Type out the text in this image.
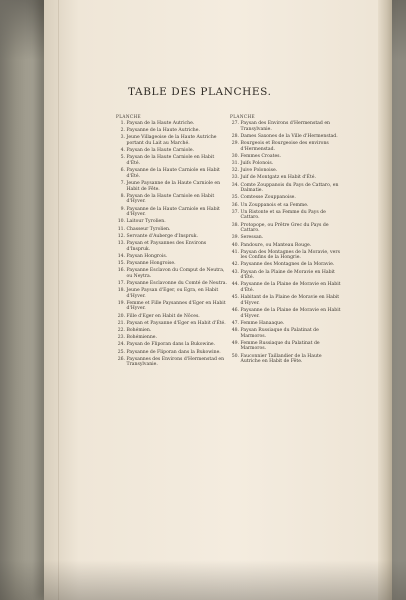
TABLE DES PLANCHES.
PLANCHE
1. Paysan de la Haute Autriche.
2. Paysanne de la Haute Autriche.
3. Jeune Villageoise de la Haute Autriche portant du Lait au Marché.
4. Paysan de la Haute Carniole.
5. Paysan de la Haute Carniole en Habit d'Été.
6. Paysanne de la Haute Carniole en Habit d'Été.
7. Jeune Paysanne de la Haute Carniole en Habit de Fête.
8. Paysan de la Haute Carniole en Habit d'Hyver.
9. Paysanne de la Haute Carniole en Habit d'Hyver.
10. Laitour Tyrolien.
11. Chasseur Tyrolien.
12. Servante d'Auberge d'Inspruk.
13. Paysan et Paysannes des Environs d'Inspruk.
14. Paysan Hongrois.
15. Paysanne Hongroise.
16. Paysanne Esclavon du Comput de Neutra, ou Neytra.
17. Paysanne Esclavonne du Comté de Neutra.
18. Jeune Paysan d'Eger, ou Egra, en Habit d'Hyver.
19. Femme et Fille Paysannes d'Eger en Habit d'Hyver.
20. Fille d'Eger en Habit de Nôces.
21. Paysan et Paysanne d'Eger en Habit d'Été.
22. Bohémien.
23. Bohémienne.
24. Paysan de Fliporan dans la Bukowine.
25. Paysanne de Fliporan dans la Bukowine.
26. Paysannes des Environs d'Hermenstad en Transylvanie.
PLANCHE
27. Paysan des Environs d'Hermenstad en Transylvanie.
28. Dames Saxones de la Ville d'Hermenstad.
29. Bourgeois et Bourgeoise des environs d'Hermenstad.
30. Femmes Croates.
31. Juifs Polonois.
32. Juive Polonoise.
33. Juif de Montgatz en Habit d'Été.
34. Comte Zouppanois du Pays de Cattaro, en Dalmatie.
35. Comtesse Zouppanoise.
36. Un Zouppanois et sa Femme.
37. Un Ristonte et sa Femme du Pays de Cattaro.
38. Protopope, ou Prêtre Grec du Pays de Cattaro.
39. Seressan.
40. Pandoure, ou Manteau Rouge.
41. Paysan des Montagnes de la Moravie, vers les Confins de la Hongrie.
42. Paysanne des Montagnes de la Moravie.
43. Paysan de la Plaine de Moravie en Habit d'Été.
44. Paysanne de la Plaine de Moravie en Habit d'Été.
45. Habitant de la Plaine de Moravie en Habit d'Hyver.
46. Paysanne de la Plaine de Moravie en Habit d'Hyver.
47. Femme Hanaaque.
48. Paysan Russiaque du Palatinat de Marmoros.
49. Femme Russiaque du Palatinat de Marmoros.
50. Fauconnier Taillandier de la Haute Autriche en Habit de Fête.
